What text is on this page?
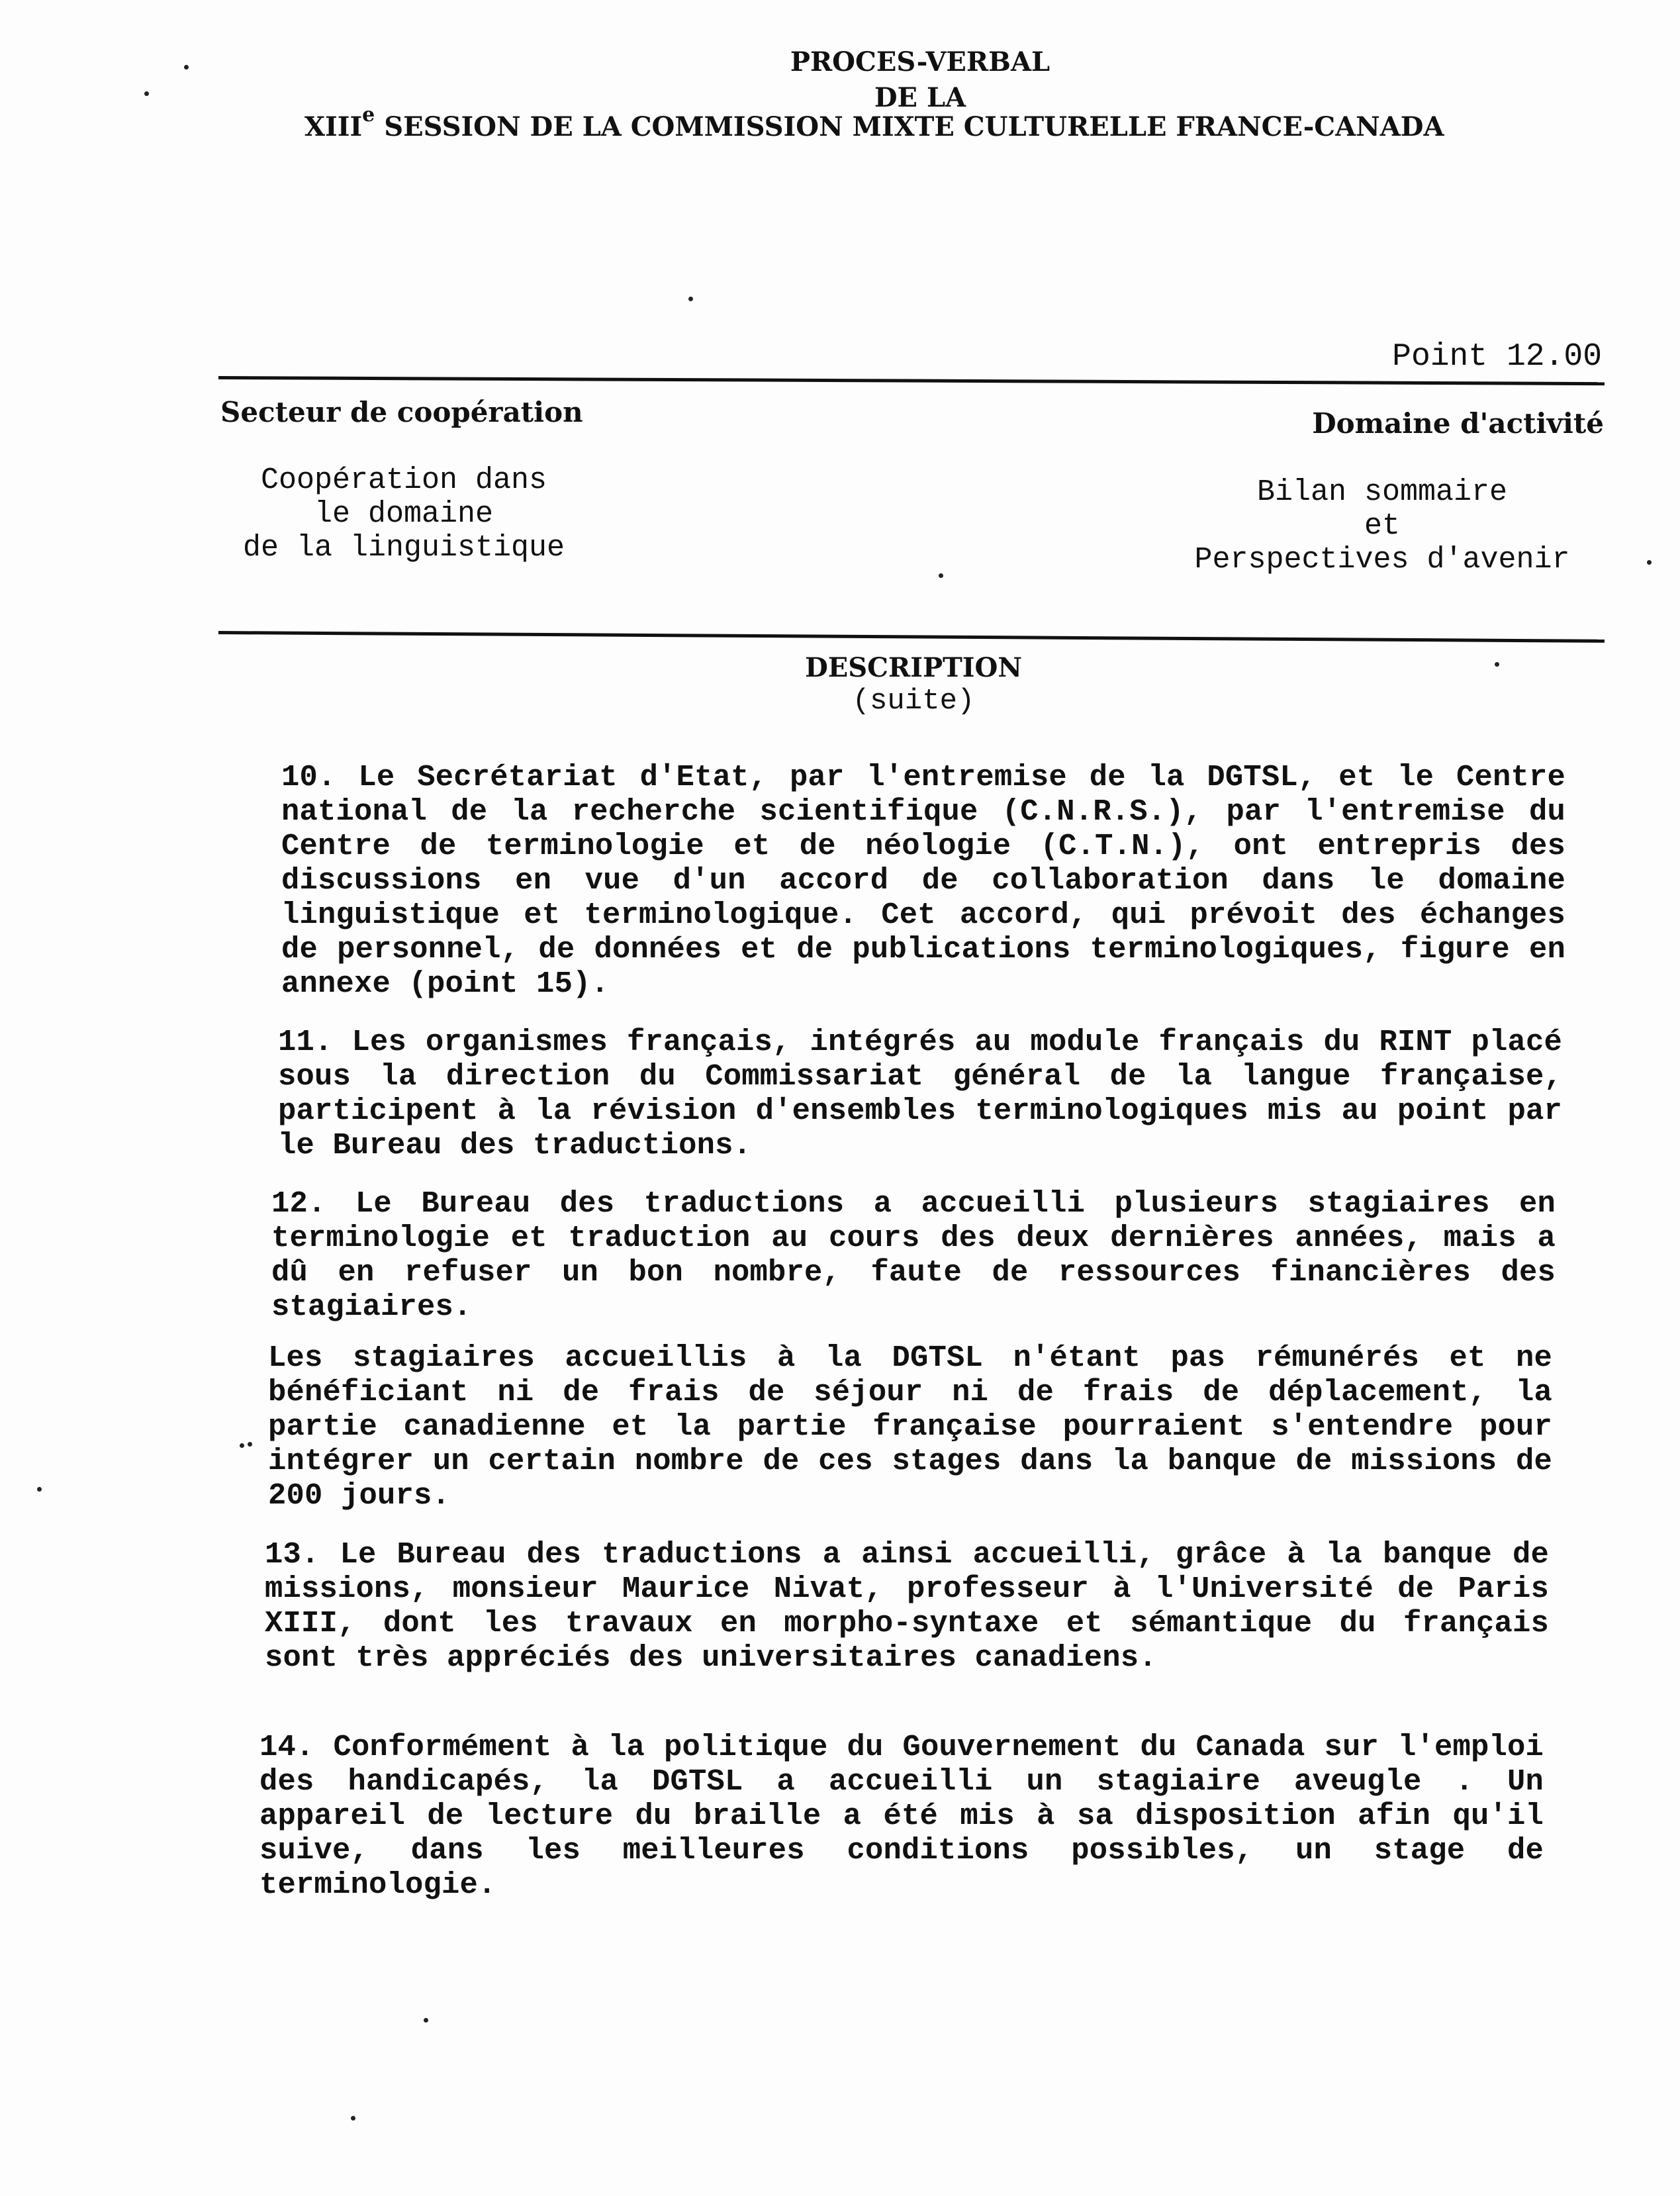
PROCES-VERBAL
DE LA
XIIIe SESSION DE LA COMMISSION MIXTE CULTURELLE FRANCE-CANADA
Point 12.00
Secteur de coopération	Domaine d'activité
Coopération dans
le domaine
de la linguistique
Bilan sommaire
et
Perspectives d'avenir
DESCRIPTION
(suite)
10. Le Secrétariat d'Etat, par l'entremise de la DGTSL, et le Centre national de la recherche scientifique (C.N.R.S.), par l'entremise du Centre de terminologie et de néologie (C.T.N.), ont entrepris des discussions en vue d'un accord de collaboration dans le domaine linguistique et terminologique. Cet accord, qui prévoit des échanges de personnel, de données et de publications terminologiques, figure en annexe (point 15).
11. Les organismes français, intégrés au module français du RINT placé sous la direction du Commissariat général de la langue française, participent à la révision d'ensembles terminologiques mis au point par le Bureau des traductions.
12. Le Bureau des traductions a accueilli plusieurs stagiaires en terminologie et traduction au cours des deux dernières années, mais a dû en refuser un bon nombre, faute de ressources financières des stagiaires.
Les stagiaires accueillis à la DGTSL n'étant pas rémunérés et ne bénéficiant ni de frais de séjour ni de frais de déplacement, la partie canadienne et la partie française pourraient s'entendre pour intégrer un certain nombre de ces stages dans la banque de missions de 200 jours.
13. Le Bureau des traductions a ainsi accueilli, grâce à la banque de missions, monsieur Maurice Nivat, professeur à l'Université de Paris XIII, dont les travaux en morpho-syntaxe et sémantique du français sont très appréciés des universitaires canadiens.
14. Conformément à la politique du Gouvernement du Canada sur l'emploi des handicapés, la DGTSL a accueilli un stagiaire aveugle . Un appareil de lecture du braille a été mis à sa disposition afin qu'il suive, dans les meilleures conditions possibles, un stage de terminologie.
